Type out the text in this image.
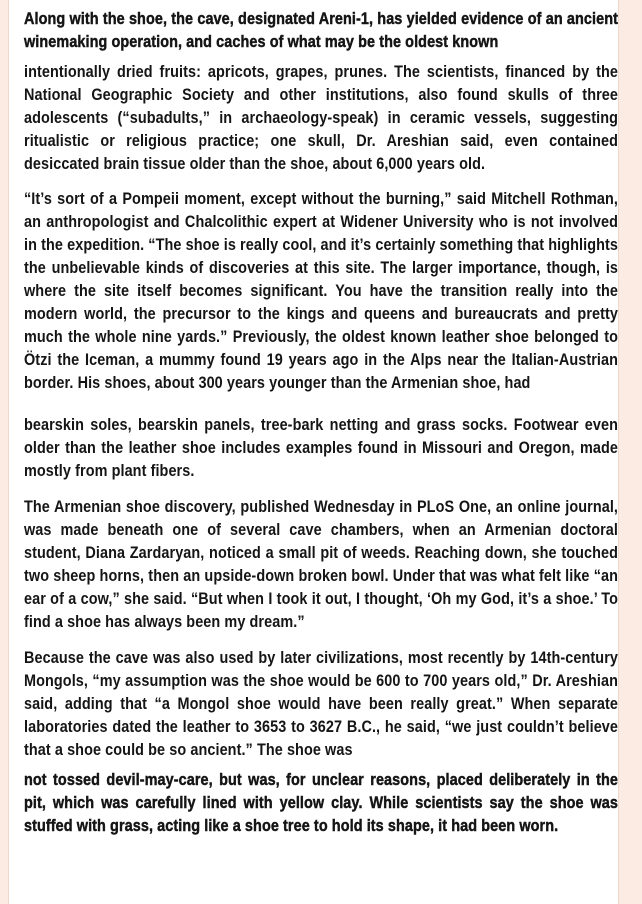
Along with the shoe, the cave, designated Areni-1, has yielded evidence of an ancient winemaking operation, and caches of what may be the oldest known

intentionally dried fruits: apricots, grapes, prunes. The scientists, financed by the National Geographic Society and other institutions, also found skulls of three adolescents (“subadults,” in archaeology-speak) in ceramic vessels, suggesting ritualistic or religious practice; one skull, Dr. Areshian said, even contained desiccated brain tissue older than the shoe, about 6,000 years old.

“It’s sort of a Pompeii moment, except without the burning,” said Mitchell Rothman, an anthropologist and Chalcolithic expert at Widener University who is not involved in the expedition. “The shoe is really cool, and it’s certainly something that highlights the unbelievable kinds of discoveries at this site. The larger importance, though, is where the site itself becomes significant. You have the transition really into the modern world, the precursor to the kings and queens and bureaucrats and pretty much the whole nine yards.” Previously, the oldest known leather shoe belonged to Ötzi the Iceman, a mummy found 19 years ago in the Alps near the Italian-Austrian border. His shoes, about 300 years younger than the Armenian shoe, had

bearskin soles, bearskin panels, tree-bark netting and grass socks. Footwear even older than the leather shoe includes examples found in Missouri and Oregon, made mostly from plant fibers.

The Armenian shoe discovery, published Wednesday in PLoS One, an online journal, was made beneath one of several cave chambers, when an Armenian doctoral student, Diana Zardaryan, noticed a small pit of weeds. Reaching down, she touched two sheep horns, then an upside-down broken bowl. Under that was what felt like “an ear of a cow,” she said. “But when I took it out, I thought, ‘Oh my God, it’s a shoe.’ To find a shoe has always been my dream.”

Because the cave was also used by later civilizations, most recently by 14th-century Mongols, “my assumption was the shoe would be 600 to 700 years old,” Dr. Areshian said, adding that “a Mongol shoe would have been really great.” When separate laboratories dated the leather to 3653 to 3627 B.C., he said, “we just couldn’t believe that a shoe could be so ancient.” The shoe was

not tossed devil-may-care, but was, for unclear reasons, placed deliberately in the pit, which was carefully lined with yellow clay. While scientists say the shoe was stuffed with grass, acting like a shoe tree to hold its shape, it had been worn.
